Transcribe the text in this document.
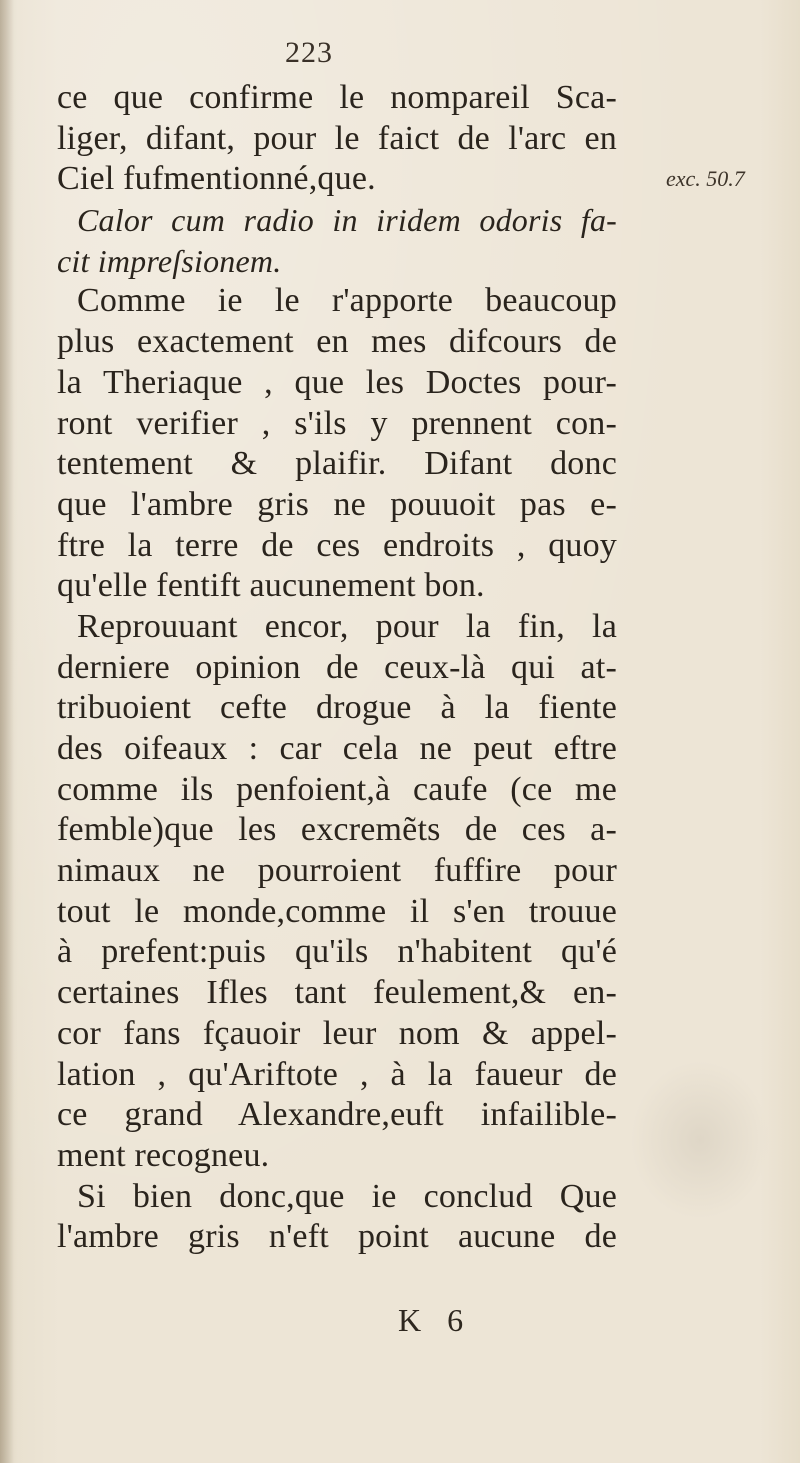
223
exc. 50.7
ce que confirme le nompareil Sca-
liger, difant, pour le faict de l'arc en
Ciel fufmentionné,que.
Calor cum radio in iridem odoris fa-
cit impreſsionem.
Comme ie le r'apporte beaucoup
plus exactement en mes difcours de
la Theriaque , que les Doctes pour-
ront verifier , s'ils y prennent con-
tentement & plaifir. Difant donc
que l'ambre gris ne pouuoit pas e-
ftre la terre de ces endroits , quoy
qu'elle fentift aucunement bon.
Reprouuant encor, pour la fin, la
derniere opinion de ceux-là qui at-
tribuoient cefte drogue à la fiente
des oifeaux : car cela ne peut eftre
comme ils penfoient,à caufe (ce me
femble)que les excremẽts de ces a-
nimaux ne pourroient fuffire pour
tout le monde,comme il s'en trouue
à prefent:puis qu'ils n'habitent qu'é
certaines Ifles tant feulement,& en-
cor fans fçauoir leur nom & appel-
lation , qu'Ariftote , à la faueur de
ce grand Alexandre,euft infailible-
ment recogneu.
Si bien donc,que ie conclud Que
l'ambre gris n'eft point aucune de
K 6
